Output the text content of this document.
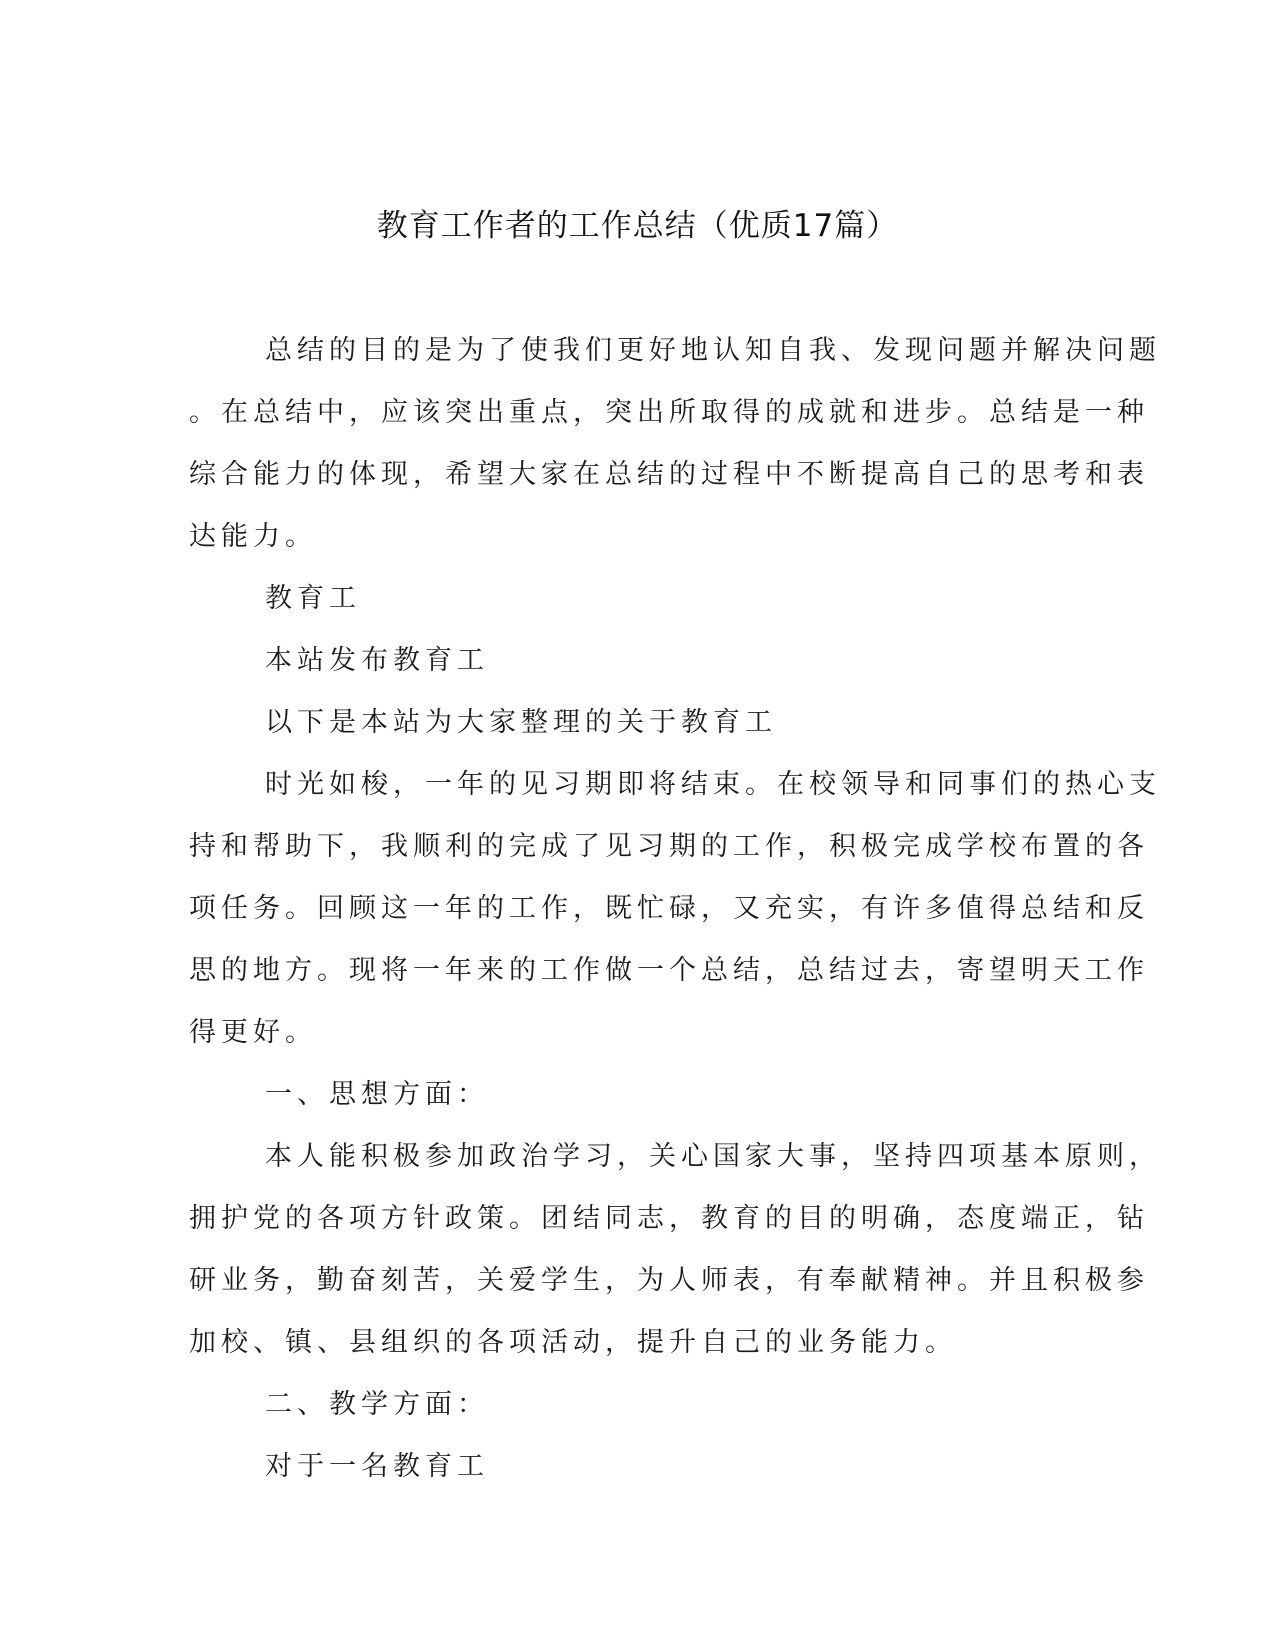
教育工作者的工作总结（优质17篇）
总结的目的是为了使我们更好地认知自我、发现问题并解决问题
。在总结中，应该突出重点，突出所取得的成就和进步。总结是一种
综合能力的体现，希望大家在总结的过程中不断提高自己的思考和表
达能力。
教育工
本站发布教育工
以下是本站为大家整理的关于教育工
时光如梭，一年的见习期即将结束。在校领导和同事们的热心支
持和帮助下，我顺利的完成了见习期的工作，积极完成学校布置的各
项任务。回顾这一年的工作，既忙碌，又充实，有许多值得总结和反
思的地方。现将一年来的工作做一个总结，总结过去，寄望明天工作
得更好。
一、思想方面：
本人能积极参加政治学习，关心国家大事，坚持四项基本原则，
拥护党的各项方针政策。团结同志，教育的目的明确，态度端正，钻
研业务，勤奋刻苦，关爱学生，为人师表，有奉献精神。并且积极参
加校、镇、县组织的各项活动，提升自己的业务能力。
二、教学方面：
对于一名教育工
